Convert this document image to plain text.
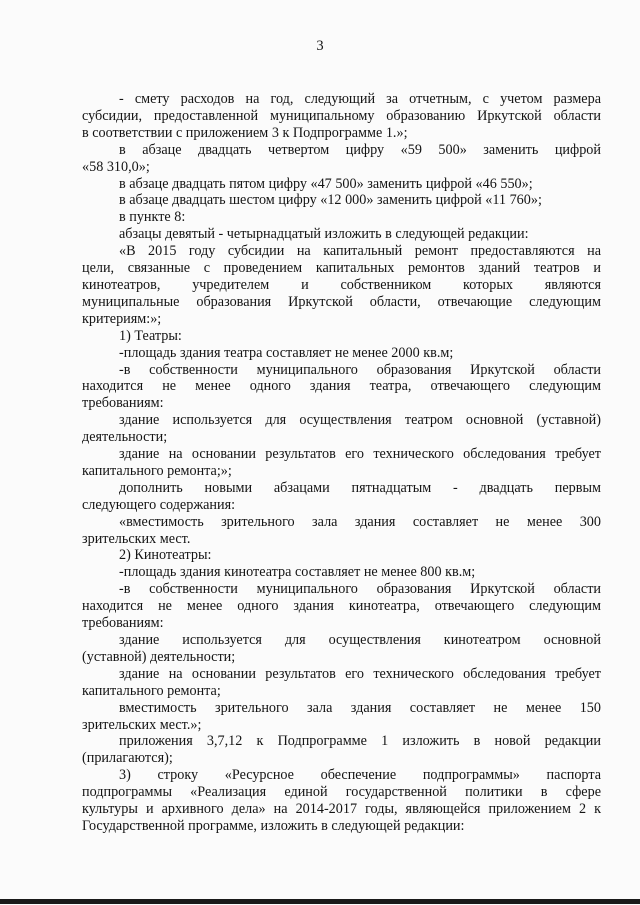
3
- смету расходов на год, следующий за отчетным, с учетом размера
субсидии, предоставленной муниципальному образованию Иркутской области
в соответствии с приложением 3 к Подпрограмме 1.»;
в абзаце двадцать четвертом цифру «59 500» заменить цифрой
«58 310,0»;
в абзаце двадцать пятом цифру «47 500» заменить цифрой «46 550»;
в абзаце двадцать шестом цифру «12 000» заменить цифрой «11 760»;
в пункте 8:
абзацы девятый - четырнадцатый изложить в следующей редакции:
«В 2015 году субсидии на капитальный ремонт предоставляются на
цели, связанные с проведением капитальных ремонтов зданий театров и
кинотеатров, учредителем и собственником которых являются
муниципальные образования Иркутской области, отвечающие следующим
критериям:»;
1) Театры:
-площадь здания театра составляет не менее 2000 кв.м;
-в собственности муниципального образования Иркутской области
находится не менее одного здания театра, отвечающего следующим
требованиям:
здание используется для осуществления театром основной (уставной)
деятельности;
здание на основании результатов его технического обследования требует
капитального ремонта;»;
дополнить новыми абзацами пятнадцатым - двадцать первым
следующего содержания:
«вместимость зрительного зала здания составляет не менее 300
зрительских мест.
2) Кинотеатры:
-площадь здания кинотеатра составляет не менее 800 кв.м;
-в собственности муниципального образования Иркутской области
находится не менее одного здания кинотеатра, отвечающего следующим
требованиям:
здание используется для осуществления кинотеатром основной
(уставной) деятельности;
здание на основании результатов его технического обследования требует
капитального ремонта;
вместимость зрительного зала здания составляет не менее 150
зрительских мест.»;
приложения 3,7,12 к Подпрограмме 1 изложить в новой редакции
(прилагаются);
3) строку «Ресурсное обеспечение подпрограммы» паспорта
подпрограммы «Реализация единой государственной политики в сфере
культуры и архивного дела» на 2014-2017 годы, являющейся приложением 2 к
Государственной программе, изложить в следующей редакции:
